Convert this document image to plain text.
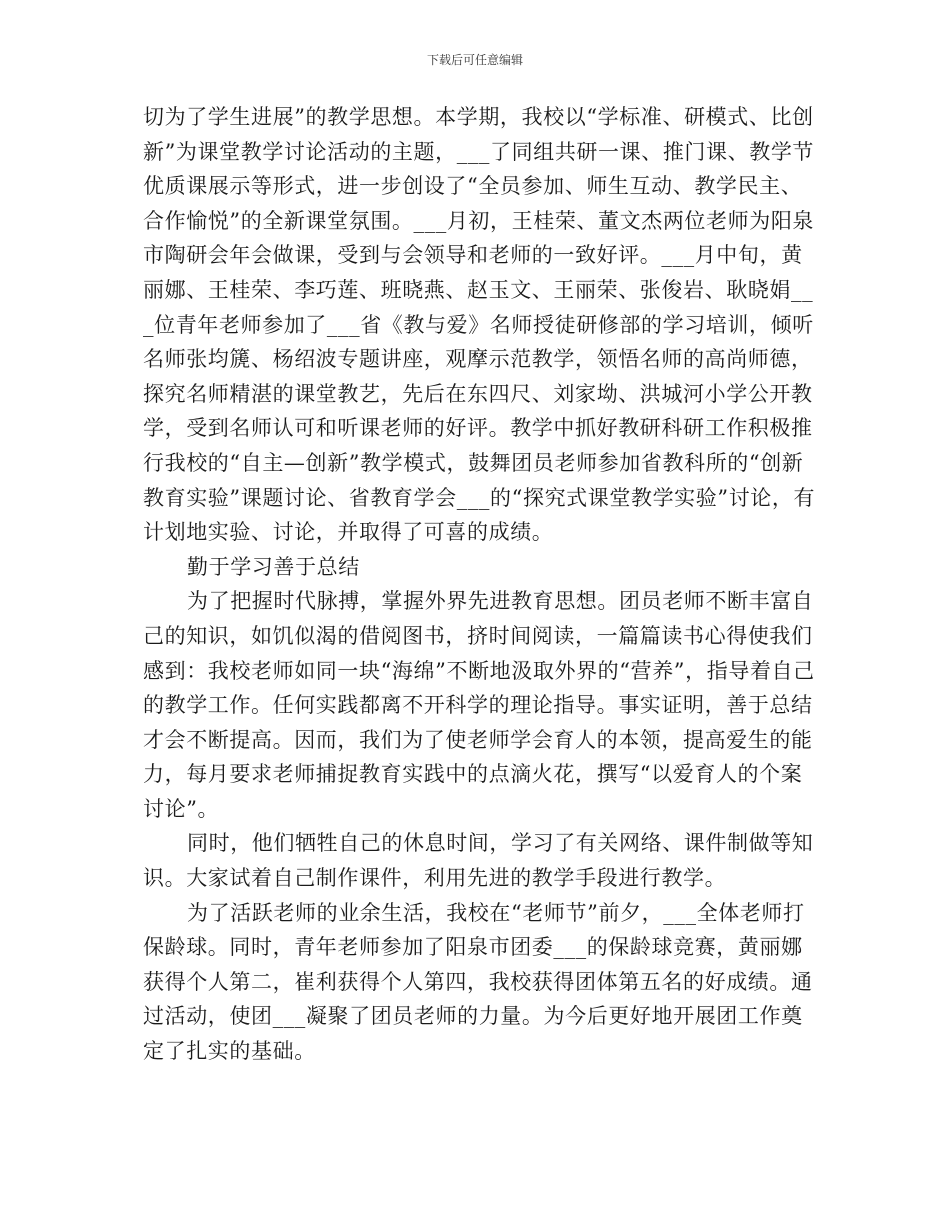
下载后可任意编辑

切为了学生进展”的教学思想。本学期，我校以“学标准、研模式、比创新”为课堂教学讨论活动的主题，___了同组共研一课、推门课、教学节优质课展示等形式，进一步创设了“全员参加、师生互动、教学民主、合作愉悦”的全新课堂氛围。___月初，王桂荣、董文杰两位老师为阳泉市陶研会年会做课，受到与会领导和老师的一致好评。___月中旬，黄丽娜、王桂荣、李巧莲、班晓燕、赵玉文、王丽荣、张俊岩、耿晓娟___位青年老师参加了___省《教与爱》名师授徒研修部的学习培训，倾听名师张均篪、杨绍波专题讲座，观摩示范教学，领悟名师的高尚师德，探究名师精湛的课堂教艺，先后在东四尺、刘家坳、洪城河小学公开教学，受到名师认可和听课老师的好评。教学中抓好教研科研工作积极推行我校的“自主—创新”教学模式，鼓舞团员老师参加省教科所的“创新教育实验”课题讨论、省教育学会___的“探究式课堂教学实验”讨论，有计划地实验、讨论，并取得了可喜的成绩。

勤于学习善于总结

为了把握时代脉搏，掌握外界先进教育思想。团员老师不断丰富自己的知识，如饥似渴的借阅图书，挤时间阅读，一篇篇读书心得使我们感到：我校老师如同一块“海绵”不断地汲取外界的“营养”，指导着自己的教学工作。任何实践都离不开科学的理论指导。事实证明，善于总结才会不断提高。因而，我们为了使老师学会育人的本领，提高爱生的能力，每月要求老师捕捉教育实践中的点滴火花，撰写“以爱育人的个案讨论”。

同时，他们牺牲自己的休息时间，学习了有关网络、课件制做等知识。大家试着自己制作课件，利用先进的教学手段进行教学。

为了活跃老师的业余生活，我校在“老师节”前夕，___全体老师打保龄球。同时，青年老师参加了阳泉市团委___的保龄球竞赛，黄丽娜获得个人第二，崔利获得个人第四，我校获得团体第五名的好成绩。通过活动，使团___凝聚了团员老师的力量。为今后更好地开展团工作奠定了扎实的基础。
